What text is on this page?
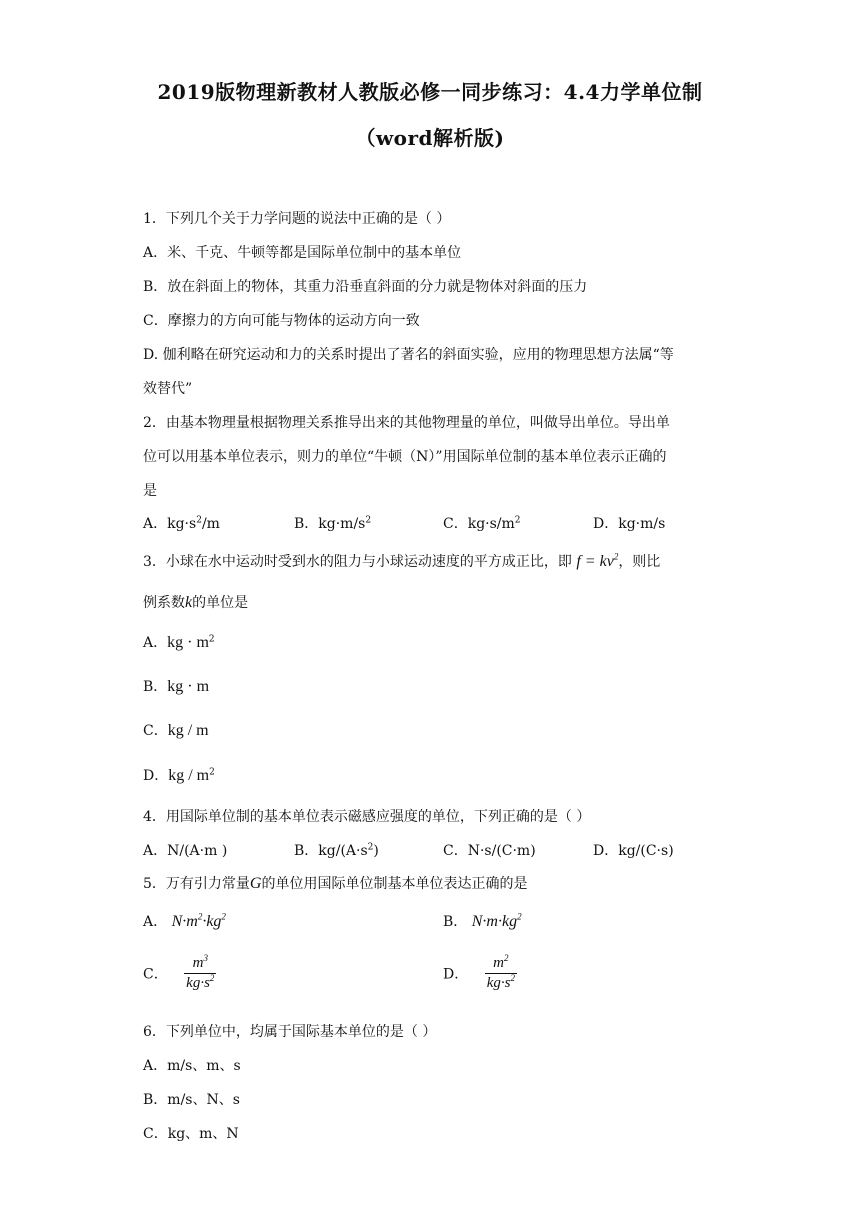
2019版物理新教材人教版必修一同步练习：4.4力学单位制
（word解析版)
1．下列几个关于力学问题的说法中正确的是（ ）
A．米、千克、牛顿等都是国际单位制中的基本单位
B．放在斜面上的物体，其重力沿垂直斜面的分力就是物体对斜面的压力
C．摩擦力的方向可能与物体的运动方向一致
D. 伽利略在研究运动和力的关系时提出了著名的斜面实验，应用的物理思想方法属“等
效替代”
2．由基本物理量根据物理关系推导出来的其他物理量的单位，叫做导出单位。导出单
位可以用基本单位表示，则力的单位“牛顿（N）”用国际单位制的基本单位表示正确的
是
A．$kg\cdot s^2/m$	B．$kg\cdot m/s^2$	C．$kg\cdot s/m^2$	D．kg·m/s
3．小球在水中运动时受到水的阻力与小球运动速度的平方成正比，即 $f = kv^2$，则比
例系数k的单位是
A．kg · $m^2$
B．kg · m
C．kg / m
D．kg / $m^2$
4．用国际单位制的基本单位表示磁感应强度的单位，下列正确的是（ ）
A．N/(A·m )	B．$kg/(A\cdot s^2)$	C．N·s/(C·m)	D．kg/(C·s)
5．万有引力常量G的单位用国际单位制基本单位表达正确的是
A． $N\cdot m^2\cdot kg^2$	B． $N\cdot m\cdot kg^2$
C． $\frac{m^3}{kg\cdot s^2}$	D． $\frac{m^2}{kg\cdot s^2}$
6．下列单位中，均属于国际基本单位的是（ ）
A．m/s、m、s
B．m/s、N、s
C．kg、m、N
